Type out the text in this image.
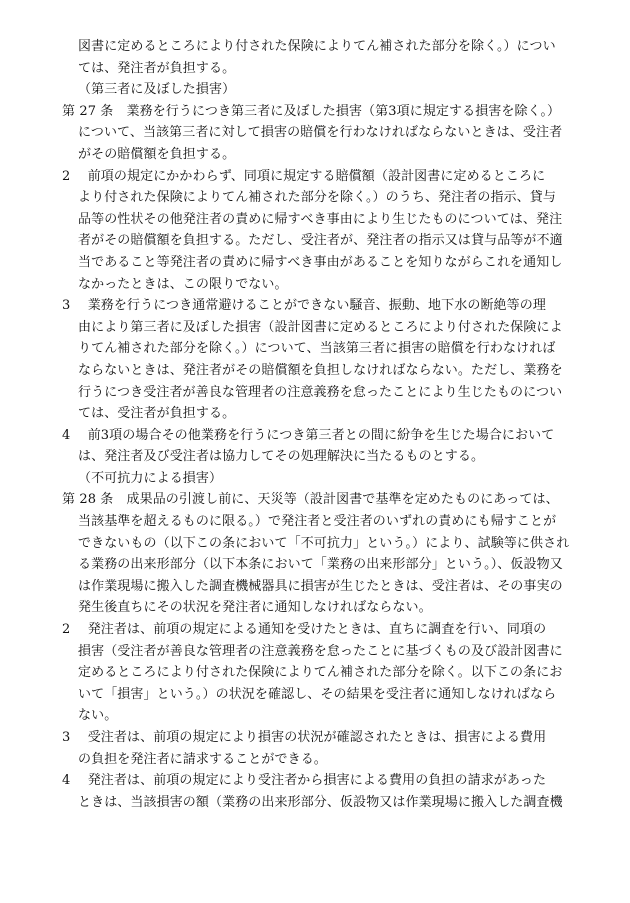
図書に定めるところにより付された保険によりてん補された部分を除く。）につい
ては、発注者が負担する。
（第三者に及ぼした損害）
第 27 条　業務を行うにつき第三者に及ぼした損害（第3項に規定する損害を除く。）
について、当該第三者に対して損害の賠償を行わなければならないときは、受注者
がその賠償額を負担する。
2　 前項の規定にかかわらず、同項に規定する賠償額（設計図書に定めるところに
より付された保険によりてん補された部分を除く。）のうち、発注者の指示、貸与
品等の性状その他発注者の責めに帰すべき事由により生じたものについては、発注
者がその賠償額を負担する。ただし、受注者が、発注者の指示又は貸与品等が不適
当であること等発注者の責めに帰すべき事由があることを知りながらこれを通知し
なかったときは、この限りでない。
3　 業務を行うにつき通常避けることができない騒音、振動、地下水の断絶等の理
由により第三者に及ぼした損害（設計図書に定めるところにより付された保険によ
りてん補された部分を除く。）について、当該第三者に損害の賠償を行わなければ
ならないときは、発注者がその賠償額を負担しなければならない。ただし、業務を
行うにつき受注者が善良な管理者の注意義務を怠ったことにより生じたものについ
ては、受注者が負担する。
4　 前3項の場合その他業務を行うにつき第三者との間に紛争を生じた場合において
は、発注者及び受注者は協力してその処理解決に当たるものとする。
（不可抗力による損害）
第 28 条　成果品の引渡し前に、天災等（設計図書で基準を定めたものにあっては、
当該基準を超えるものに限る。）で発注者と受注者のいずれの責めにも帰すことが
できないもの（以下この条において「不可抗力」という。）により、試験等に供され
る業務の出来形部分（以下本条において「業務の出来形部分」という。）、仮設物又
は作業現場に搬入した調査機械器具に損害が生じたときは、受注者は、その事実の
発生後直ちにその状況を発注者に通知しなければならない。
2　 発注者は、前項の規定による通知を受けたときは、直ちに調査を行い、同項の
損害（受注者が善良な管理者の注意義務を怠ったことに基づくもの及び設計図書に
定めるところにより付された保険によりてん補された部分を除く。以下この条にお
いて「損害」という。）の状況を確認し、その結果を受注者に通知しなければなら
ない。
3　 受注者は、前項の規定により損害の状況が確認されたときは、損害による費用
の負担を発注者に請求することができる。
4　 発注者は、前項の規定により受注者から損害による費用の負担の請求があった
ときは、当該損害の額（業務の出来形部分、仮設物又は作業現場に搬入した調査機
